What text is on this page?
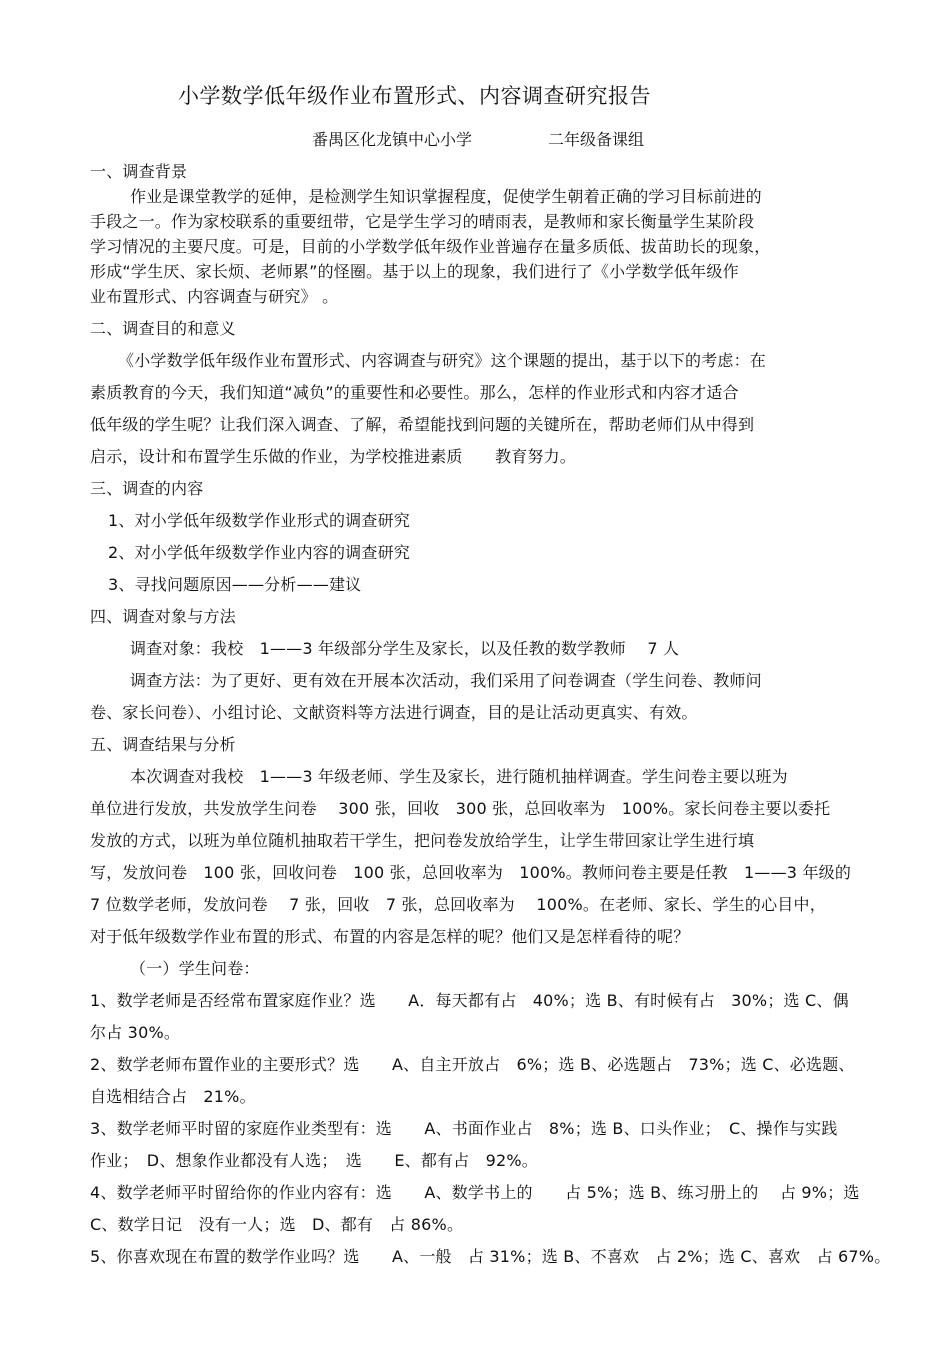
小学数学低年级作业布置形式、内容调查研究报告
番禺区化龙镇中心小学	二年级备课组
一、调查背景
作业是课堂教学的延伸，是检测学生知识掌握程度，促使学生朝着正确的学习目标前进的
手段之一。作为家校联系的重要纽带，它是学生学习的晴雨表，是教师和家长衡量学生某阶段
学习情况的主要尺度。可是，目前的小学数学低年级作业普遍存在量多质低、拔苗助长的现象，
形成“学生厌、家长烦、老师累”的怪圈。基于以上的现象，我们进行了《小学数学低年级作
业布置形式、内容调查与研究》 。
二、调查目的和意义
《小学数学低年级作业布置形式、内容调查与研究》这个课题的提出，基于以下的考虑：在
素质教育的今天，我们知道“减负”的重要性和必要性。那么，怎样的作业形式和内容才适合
低年级的学生呢？让我们深入调查、了解，希望能找到问题的关键所在，帮助老师们从中得到
启示，设计和布置学生乐做的作业，为学校推进素质　　教育努力。
三、调查的内容
1、对小学低年级数学作业形式的调查研究
2、对小学低年级数学作业内容的调查研究
3、寻找问题原因——分析——建议
四、调查对象与方法
调查对象：我校　1——3 年级部分学生及家长，以及任教的数学教师　 7 人
调查方法：为了更好、更有效在开展本次活动，我们采用了问卷调查（学生问卷、教师问
卷、家长问卷）、小组讨论、文献资料等方法进行调查，目的是让活动更真实、有效。
五、调查结果与分析
本次调查对我校　1——3 年级老师、学生及家长，进行随机抽样调查。学生问卷主要以班为
单位进行发放，共发放学生问卷　 300 张，回收　300 张，总回收率为　100%。家长问卷主要以委托
发放的方式，以班为单位随机抽取若干学生，把问卷发放给学生，让学生带回家让学生进行填
写，发放问卷　100 张，回收问卷　100 张，总回收率为　100%。教师问卷主要是任教　1——3 年级的
7 位数学老师，发放问卷　 7 张，回收　7 张，总回收率为　 100%。在老师、家长、学生的心目中，
对于低年级数学作业布置的形式、布置的内容是怎样的呢？他们又是怎样看待的呢？
（一）学生问卷：
1、数学老师是否经常布置家庭作业？选　　A．每天都有占　40%；选 B、有时候有占　30%；选 C、偶
尔占 30%。
2、数学老师布置作业的主要形式？选　　A、自主开放占　6%；选 B、必选题占　73%；选 C、必选题、
自选相结合占　21%。
3、数学老师平时留的家庭作业类型有：选　　A、书面作业占　8%；选 B、口头作业；　C、操作与实践
作业；　D、想象作业都没有人选；　选　　E、都有占　92%。
4、数学老师平时留给你的作业内容有：选　　A、数学书上的　　占 5%；选 B、练习册上的　 占 9%；选
C、数学日记　没有一人；选　D、都有　占 86%。
5、你喜欢现在布置的数学作业吗？选　　A、一般　占 31%；选 B、不喜欢　占 2%；选 C、喜欢　占 67%。
